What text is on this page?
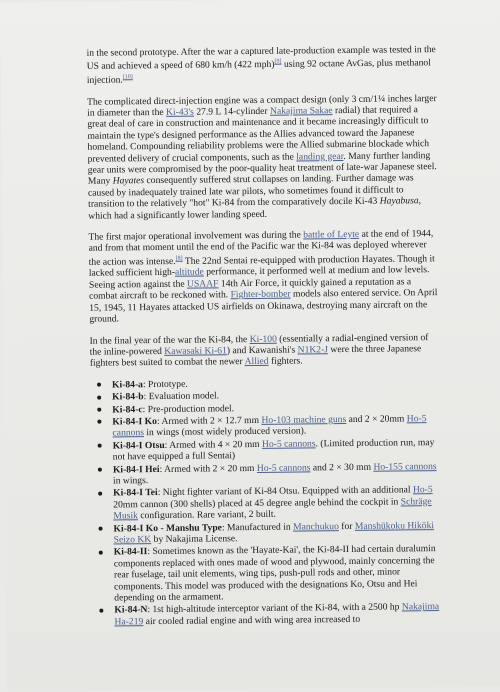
in the second prototype. After the war a captured late-production example was tested in the US and achieved a speed of 680 km/h (422 mph)[9] using 92 octane AvGas, plus methanol injection.[10]

The complicated direct-injection engine was a compact design (only 3 cm/1¼ inches larger in diameter than the Ki-43's 27.9 L 14-cylinder Nakajima Sakae radial) that required a great deal of care in construction and maintenance and it became increasingly difficult to maintain the type's designed performance as the Allies advanced toward the Japanese homeland. Compounding reliability problems were the Allied submarine blockade which prevented delivery of crucial components, such as the landing gear. Many further landing gear units were compromised by the poor-quality heat treatment of late-war Japanese steel. Many Hayates consequently suffered strut collapses on landing. Further damage was caused by inadequately trained late war pilots, who sometimes found it difficult to transition to the relatively "hot" Ki-84 from the comparatively docile Ki-43 Hayabusa, which had a significantly lower landing speed.

The first major operational involvement was during the battle of Leyte at the end of 1944, and from that moment until the end of the Pacific war the Ki-84 was deployed wherever the action was intense.[8] The 22nd Sentai re-equipped with production Hayates. Though it lacked sufficient high-altitude performance, it performed well at medium and low levels. Seeing action against the USAAF 14th Air Force, it quickly gained a reputation as a combat aircraft to be reckoned with. Fighter-bomber models also entered service. On April 15, 1945, 11 Hayates attacked US airfields on Okinawa, destroying many aircraft on the ground.

In the final year of the war the Ki-84, the Ki-100 (essentially a radial-engined version of the inline-powered Kawasaki Ki-61) and Kawanishi's N1K2-J were the three Japanese fighters best suited to combat the newer Allied fighters.

Ki-84-a: Prototype.
Ki-84-b: Evaluation model.
Ki-84-c: Pre-production model.
Ki-84-I Ko: Armed with 2 × 12.7 mm Ho-103 machine guns and 2 × 20mm Ho-5 cannons in wings (most widely produced version).
Ki-84-I Otsu: Armed with 4 × 20 mm Ho-5 cannons. (Limited production run, may not have equipped a full Sentai)
Ki-84-I Hei: Armed with 2 × 20 mm Ho-5 cannons and 2 × 30 mm Ho-155 cannons in wings.
Ki-84-I Tei: Night fighter variant of Ki-84 Otsu. Equipped with an additional Ho-5 20mm cannon (300 shells) placed at 45 degree angle behind the cockpit in Schräge Musik configuration. Rare variant, 2 built.
Ki-84-I Ko - Manshu Type: Manufactured in Manchukuo for Manshūkoku Hikōki Seizo KK by Nakajima License.
Ki-84-II: Sometimes known as the 'Hayate-Kai', the Ki-84-II had certain duralumin components replaced with ones made of wood and plywood, mainly concerning the rear fuselage, tail unit elements, wing tips, push-pull rods and other, minor components. This model was produced with the designations Ko, Otsu and Hei depending on the armament.
Ki-84-N: 1st high-altitude interceptor variant of the Ki-84, with a 2500 hp Nakajima Ha-219 air cooled radial engine and with wing area increased to
